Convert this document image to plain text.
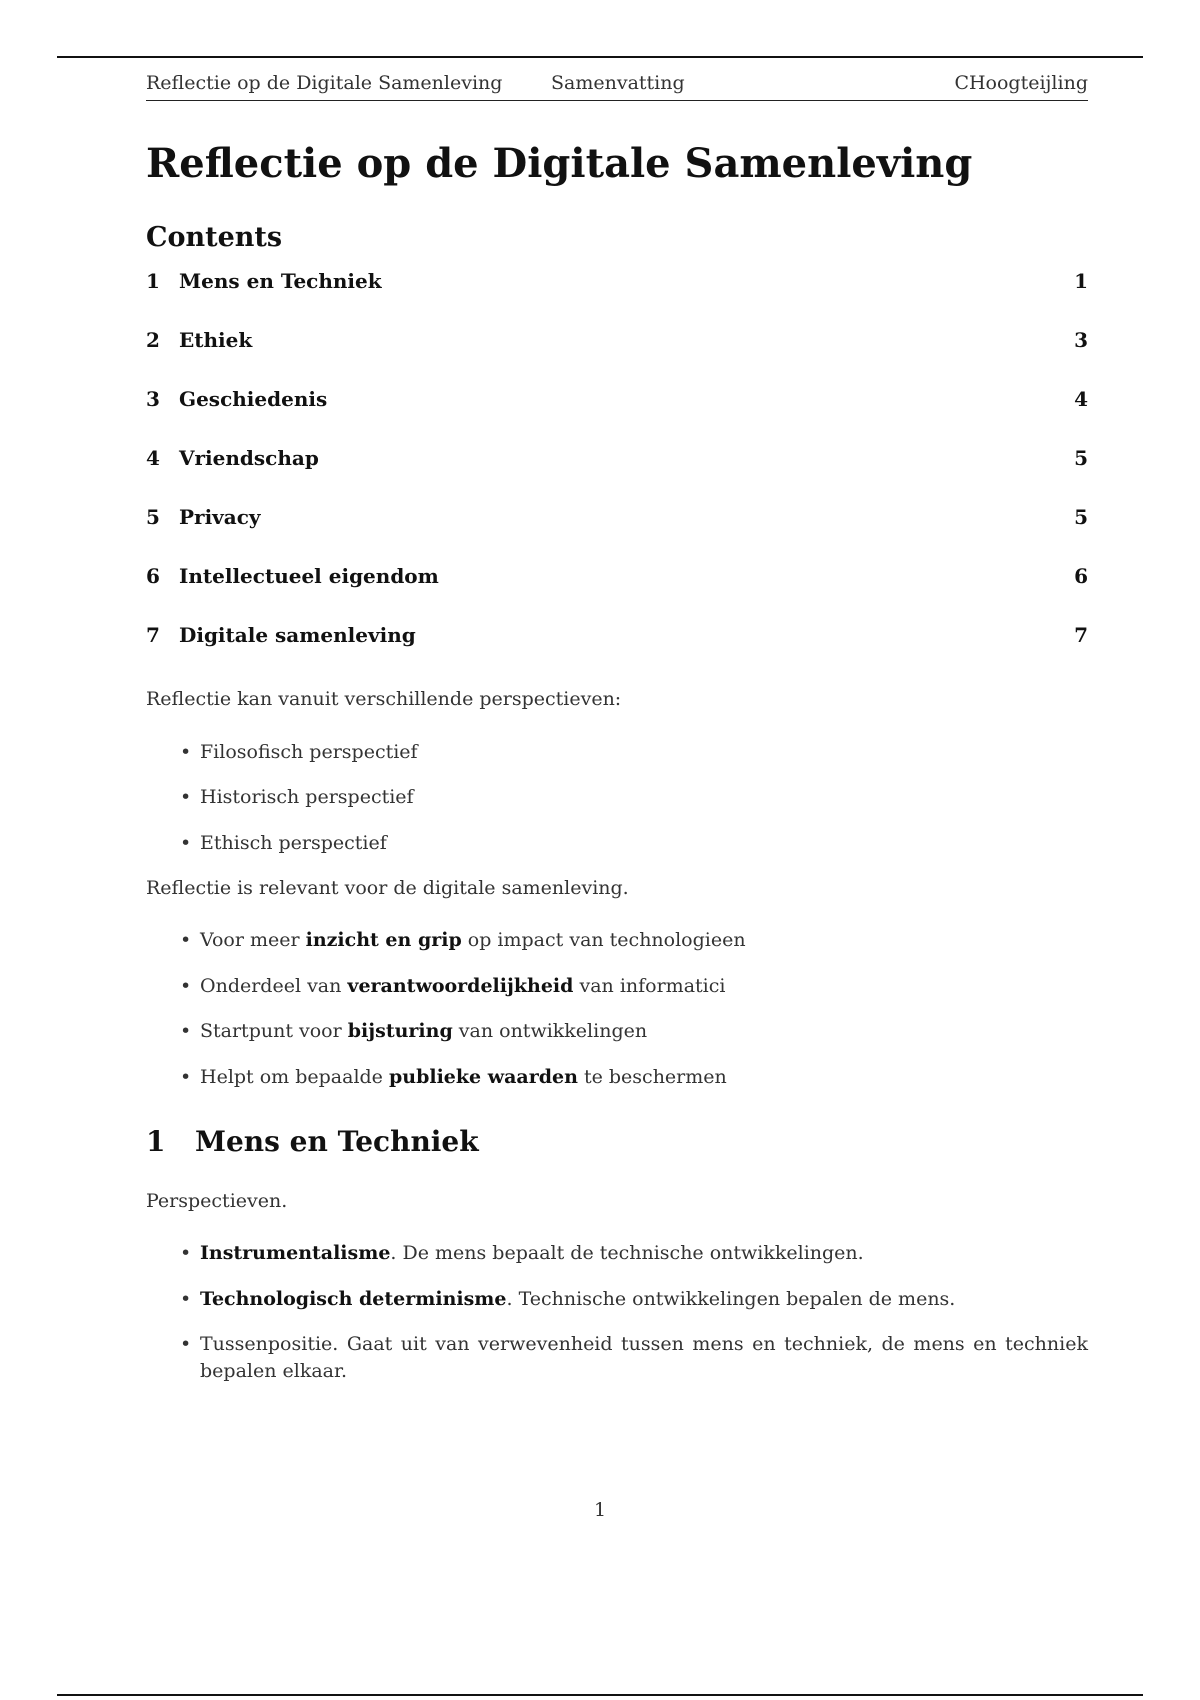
Reflectie op de Digitale Samenleving	Samenvatting	CHoogteijling
Reflectie op de Digitale Samenleving
Contents
1 Mens en Techniek	1
2 Ethiek	3
3 Geschiedenis	4
4 Vriendschap	5
5 Privacy	5
6 Intellectueel eigendom	6
7 Digitale samenleving	7

Reflectie kan vanuit verschillende perspectieven:

• Filosofisch perspectief
• Historisch perspectief
• Ethisch perspectief

Reflectie is relevant voor de digitale samenleving.

• Voor meer inzicht en grip op impact van technologieen
• Onderdeel van verantwoordelijkheid van informatici
• Startpunt voor bijsturing van ontwikkelingen
• Helpt om bepaalde publieke waarden te beschermen
1 Mens en Techniek

Perspectieven.

• Instrumentalisme. De mens bepaalt de technische ontwikkelingen.
• Technologisch determinisme. Technische ontwikkelingen bepalen de mens.
• Tussenpositie. Gaat uit van verwevenheid tussen mens en techniek, de mens en techniek bepalen elkaar.
1
